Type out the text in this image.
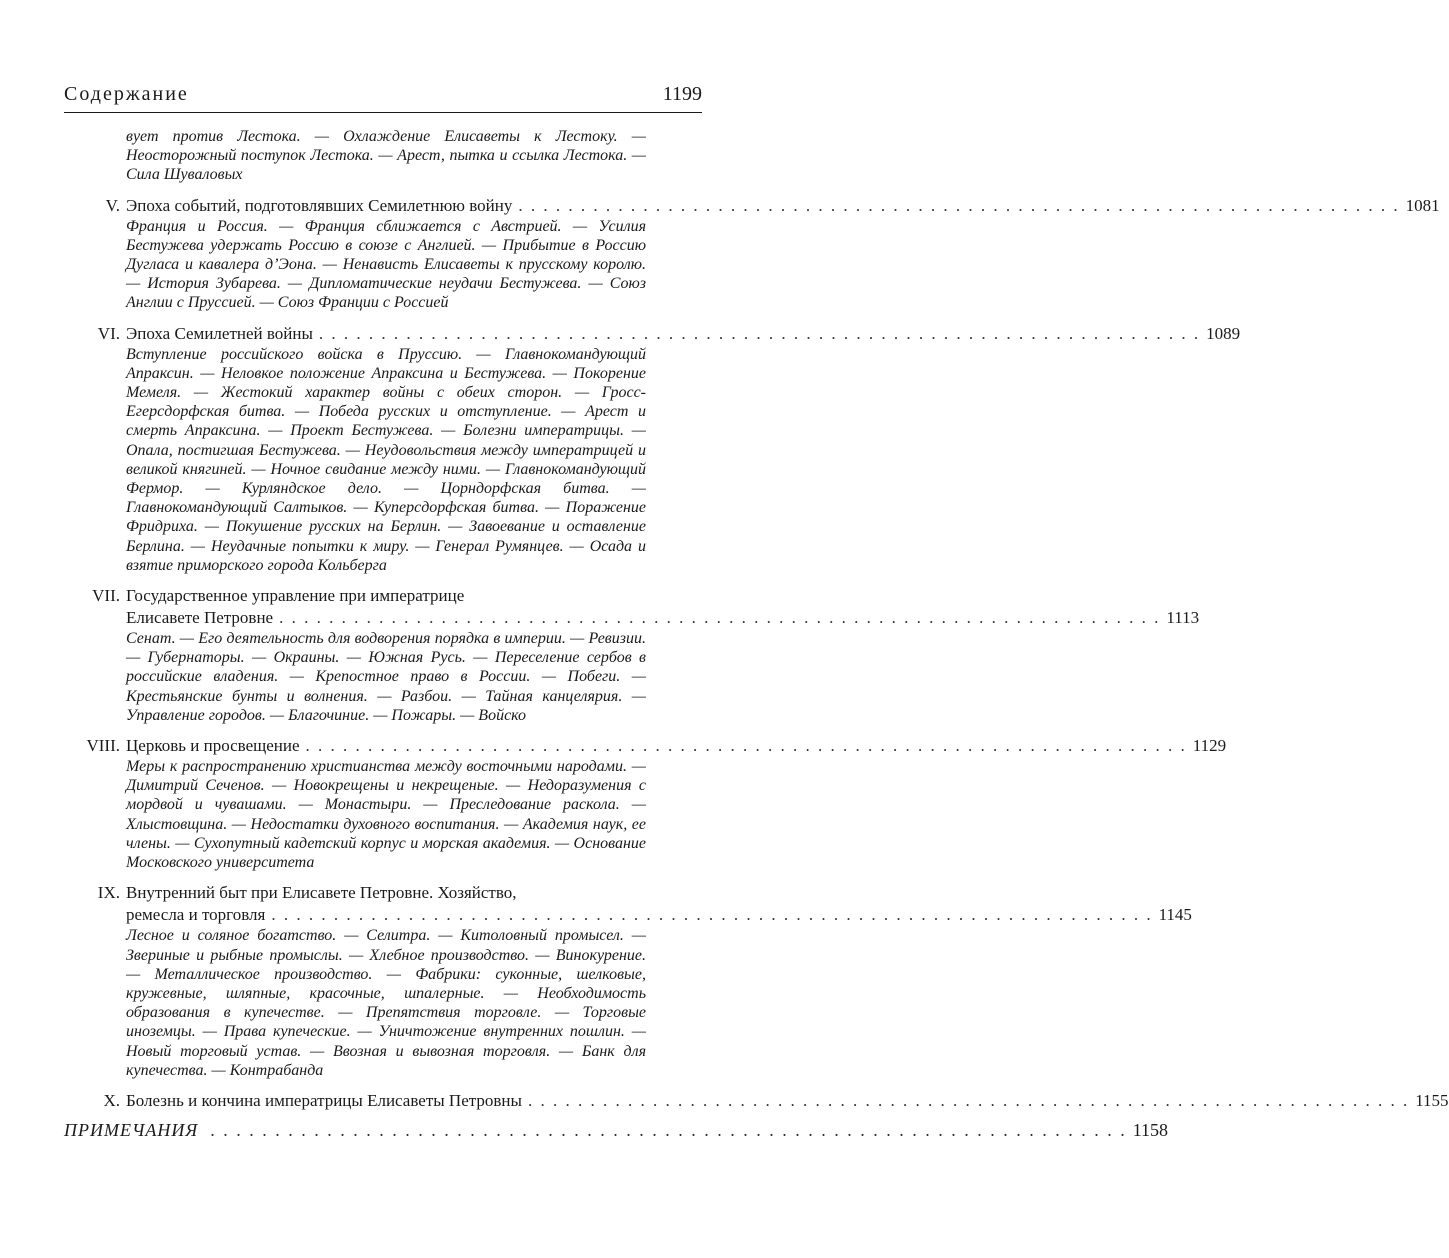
Содержание	1199

вует против Лестока. — Охлаждение Елисаветы к Лестоку. — Неосторожный поступок Лестока. — Арест, пытка и ссылка Лестока. — Сила Шуваловых

V. Эпоха событий, подготовлявших Семилетнюю войну . . . . . . . . . . . . . . . . . . . . . . . . . . . . . . . . . . . . . . . . . . . . . . . . . . . . . . . . . . . . . . . . . . . . . . . 1081

Франция и Россия. — Франция сближается с Австрией. — Усилия Бестужева удержать Россию в союзе с Англией. — Прибытие в Россию Дугласа и кавалера д’Эона. — Ненависть Елисаветы к прусскому королю. — История Зубарева. — Дипломатические неудачи Бестужева. — Союз Англии с Пруссией. — Союз Франции с Россией

VI. Эпоха Семилетней войны . . . . . . . . . . . . . . . . . . . . . . . . . . . . . . . . . . . . . . . . . . . . . . . . . . . . . . . . . . . . . . . . . . . . . . . 1089

Вступление российского войска в Пруссию. — Главнокомандующий Апраксин. — Неловкое положение Апраксина и Бестужева. — Покорение Мемеля. — Жестокий характер войны с обеих сторон. — Гросс-Егерсдорфская битва. — Победа русских и отступление. — Арест и смерть Апраксина. — Проект Бестужева. — Болезни императрицы. — Опала, постигшая Бестужева. — Неудовольствия между императрицей и великой княгиней. — Ночное свидание между ними. — Главнокомандующий Фермор. — Курляндское дело. — Цорндорфская битва. — Главнокомандующий Салтыков. — Куперсдорфская битва. — Поражение Фридриха. — Покушение русских на Берлин. — Завоевание и оставление Берлина. — Неудачные попытки к миру. — Генерал Румянцев. — Осада и взятие приморского города Кольберга

VII. Государственное управление при императрице
Елисавете Петровне . . . . . . . . . . . . . . . . . . . . . . . . . . . . . . . . . . . . . . . . . . . . . . . . . . . . . . . . . . . . . . . . . . . . . . . 1113

Сенат. — Его деятельность для водворения порядка в империи. — Ревизии. — Губернаторы. — Окраины. — Южная Русь. — Переселение сербов в российские владения. — Крепостное право в России. — Побеги. — Крестьянские бунты и волнения. — Разбои. — Тайная канцелярия. — Управление городов. — Благочиние. — Пожары. — Войско

VIII. Церковь и просвещение . . . . . . . . . . . . . . . . . . . . . . . . . . . . . . . . . . . . . . . . . . . . . . . . . . . . . . . . . . . . . . . . . . . . . . . 1129

Меры к распространению христианства между восточными народами. — Димитрий Сеченов. — Новокрещены и некрещеные. — Недоразумения с мордвой и чувашами. — Монастыри. — Преследование раскола. — Хлыстовщина. — Недостатки духовного воспитания. — Академия наук, ее члены. — Сухопутный кадетский корпус и морская академия. — Основание Московского университета

IX. Внутренний быт при Елисавете Петровне. Хозяйство,
ремесла и торговля . . . . . . . . . . . . . . . . . . . . . . . . . . . . . . . . . . . . . . . . . . . . . . . . . . . . . . . . . . . . . . . . . . . . . . . 1145

Лесное и соляное богатство. — Селитра. — Китоловный промысел. —Звериные и рыбные промыслы. — Хлебное производство. — Винокурение. — Металлическое производство. — Фабрики: суконные, шелковые, кружевные, шляпные, красочные, шпалерные. — Необходимость образования в купечестве. — Препятствия торговле. — Торговые иноземцы. — Права купеческие. — Уничтожение внутренних пошлин. — Новый торговый устав. — Ввозная и вывозная торговля. — Банк для купечества. — Контрабанда

X. Болезнь и кончина императрицы Елисаветы Петровны . . . . . . . . . . . . . . . . . . . . . . . . . . . . . . . . . . . . . . . . . . . . . . . . . . . . . . . . . . . . . . . . . . . . . . . 1155
ПРИМЕЧАНИЯ . . . . . . . . . . . . . . . . . . . . . . . . . . . . . . . . . . . . . . . . . . . . . . . . . . . . . . . . . . . . . . . . . . . . . . . 1158
